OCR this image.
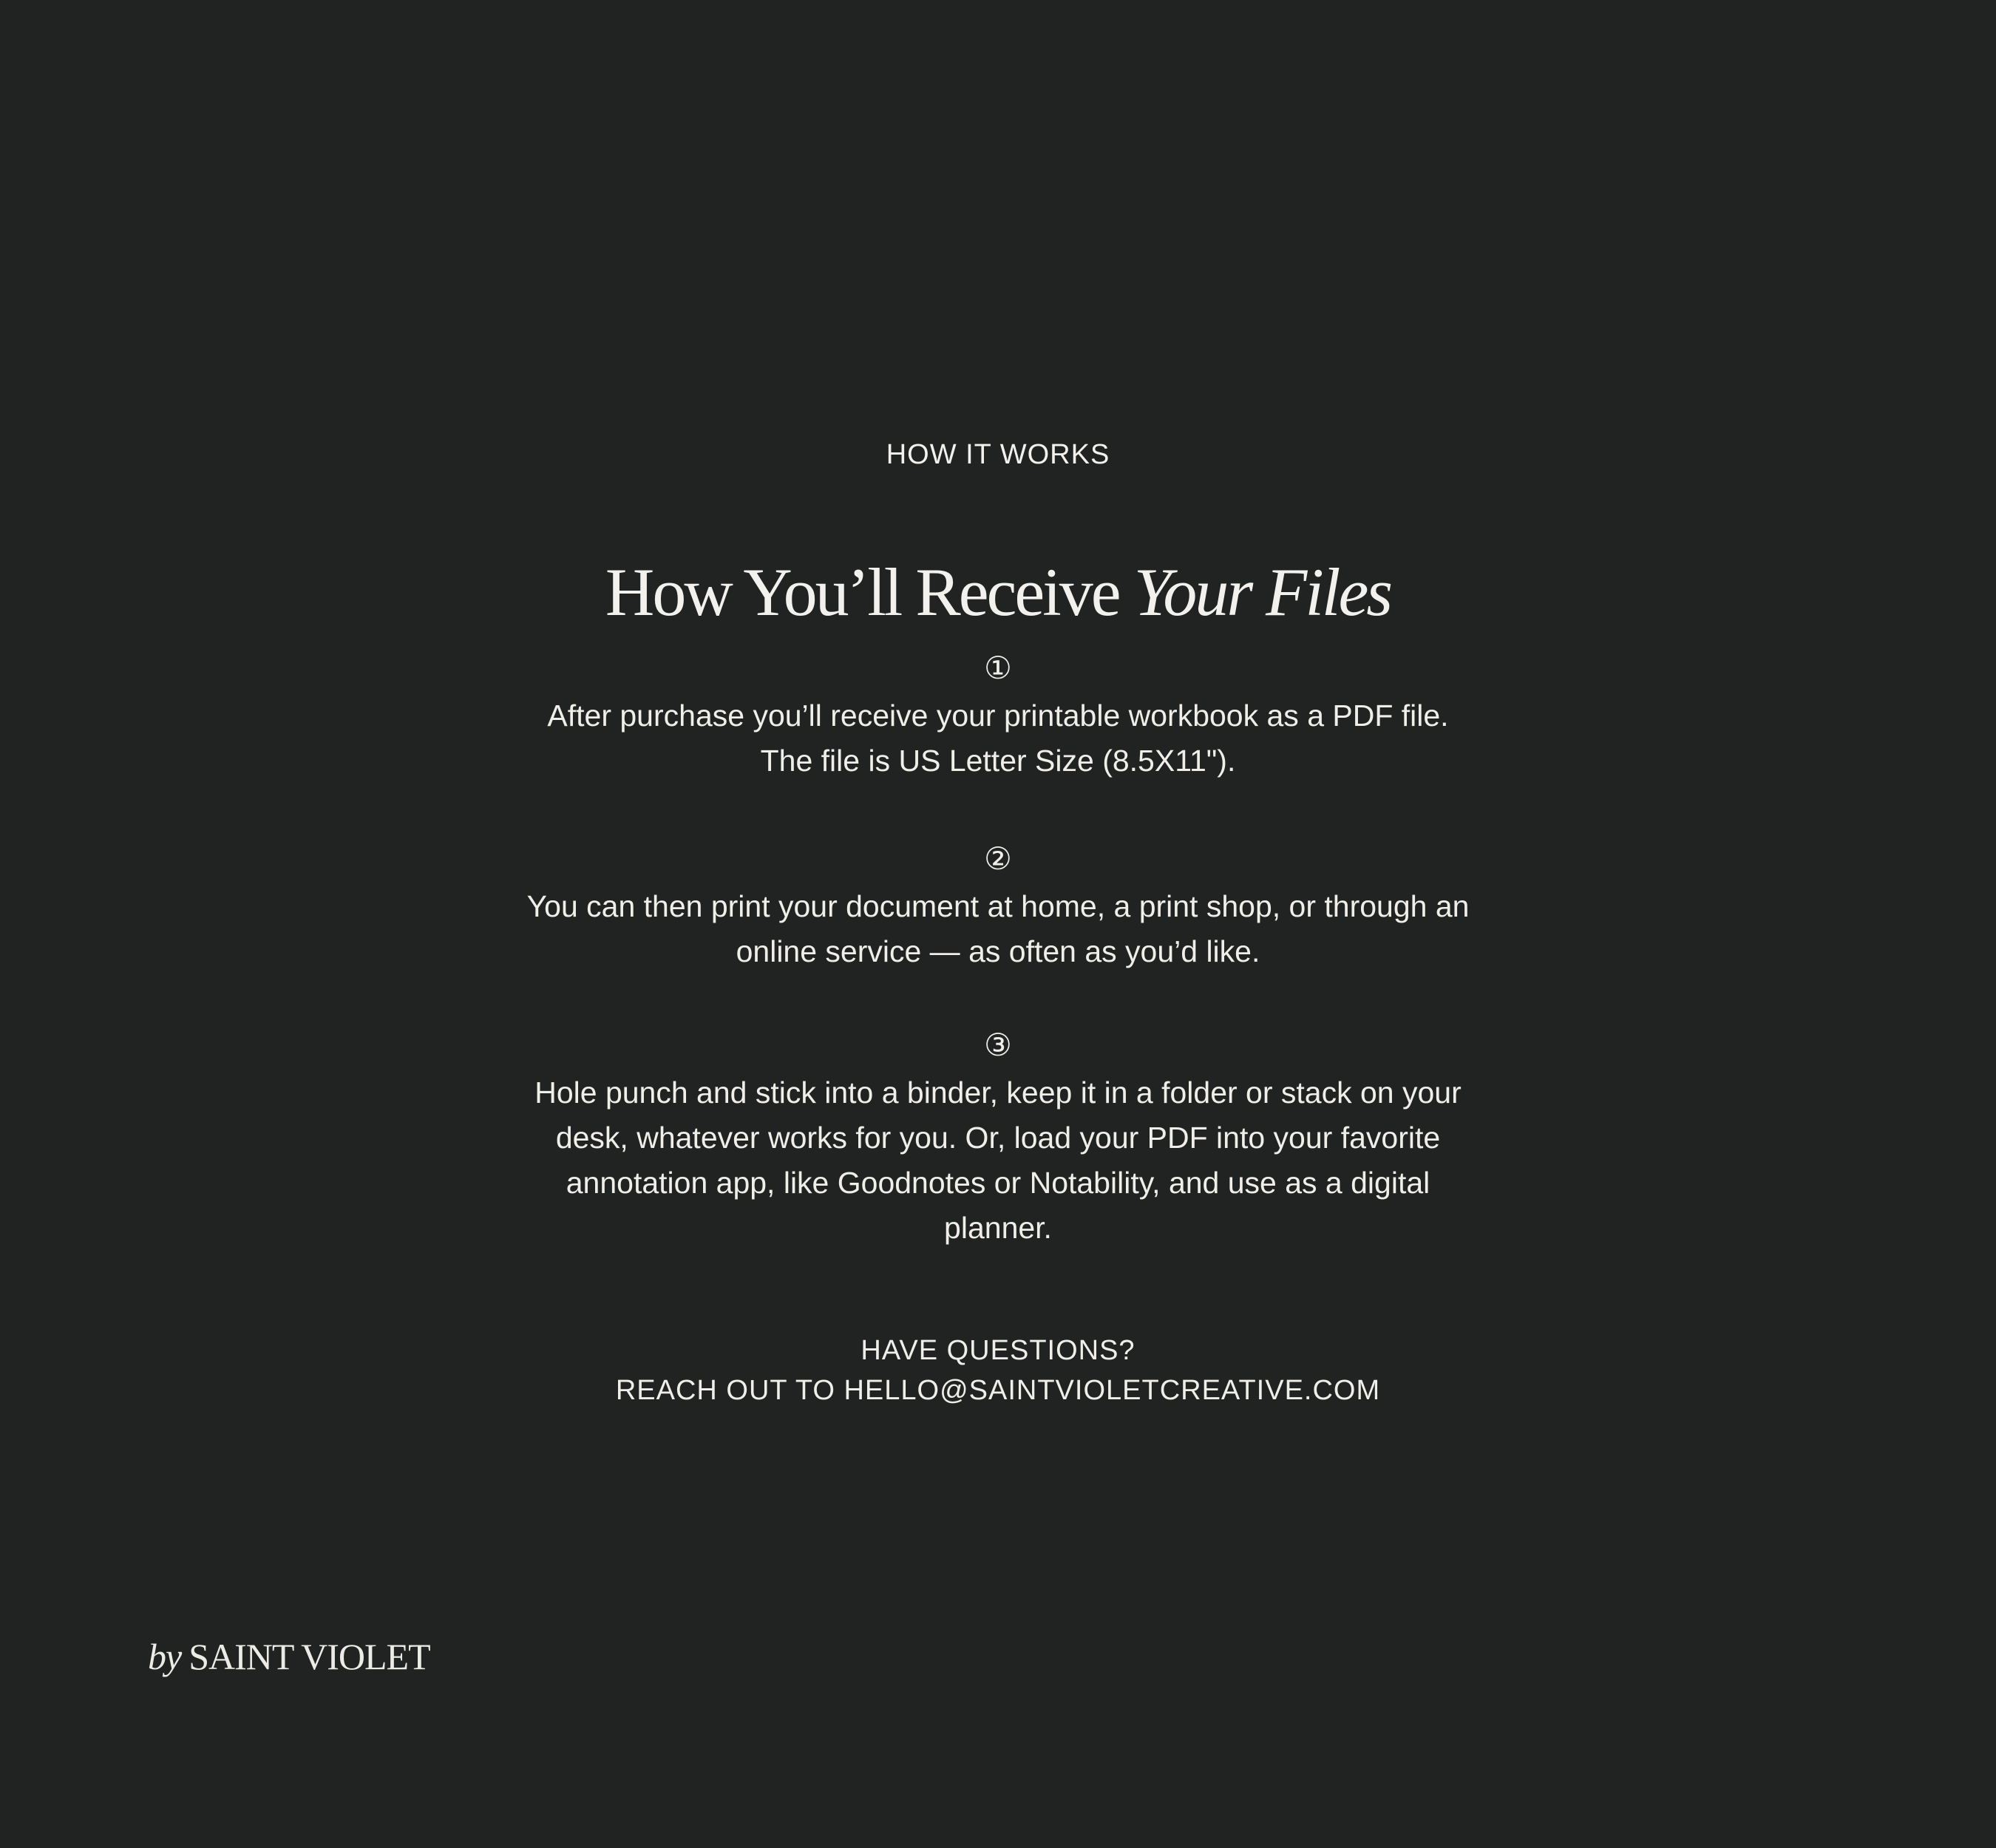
HOW IT WORKS
How You’ll Receive Your Files
①
After purchase you’ll receive your printable workbook as a PDF file. The file is US Letter Size (8.5X11").
②
You can then print your document at home, a print shop, or through an online service — as often as you’d like.
③
Hole punch and stick into a binder, keep it in a folder or stack on your desk, whatever works for you. Or, load your PDF into your favorite annotation app, like Goodnotes or Notability, and use as a digital planner.
HAVE QUESTIONS?
REACH OUT TO HELLO@SAINTVIOLETCREATIVE.COM
by SAINT VIOLET
